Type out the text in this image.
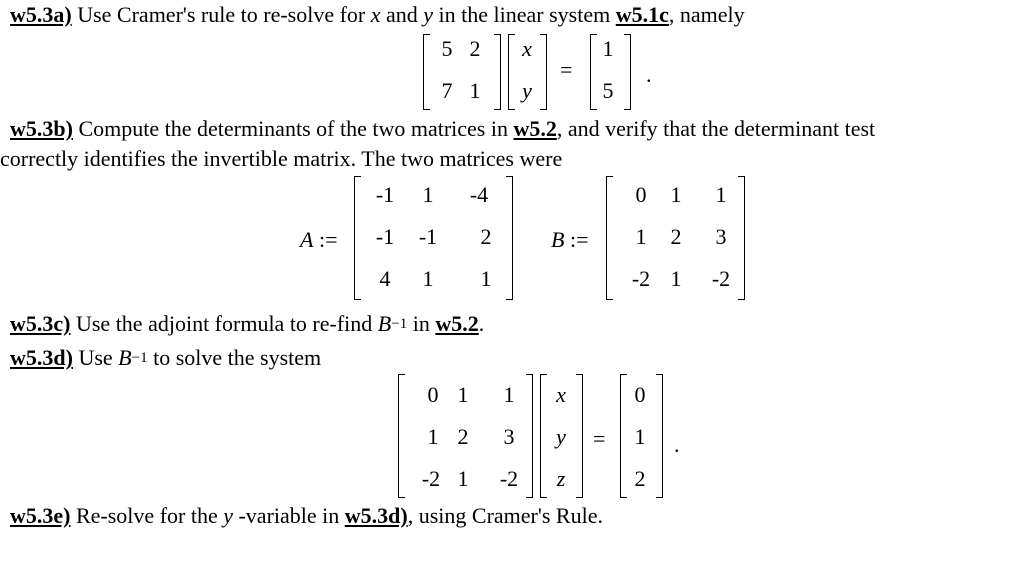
w5.3a) Use Cramer's rule to re-solve for x and y in the linear system w5.1c, namely
5 2
7 1
x
y
=
1
5
.
w5.3b) Compute the determinants of the two matrices in w5.2, and verify that the determinant test
correctly identifies the invertible matrix. The two matrices were
A :=
-1	1	-4
-1 -1	2
4	1	1
B :=
0	1	1
1	2	3
-2 1	-2
w5.3c) Use the adjoint formula to re-find $B^{-1}$ in w5.2.
w5.3d) Use $B^{-1}$ to solve the system
0 1	1
1 2	3
-2 1	-2
x
y
z
=
0
1
2
.
w5.3e) Re-solve for the y -variable in w5.3d), using Cramer's Rule.
